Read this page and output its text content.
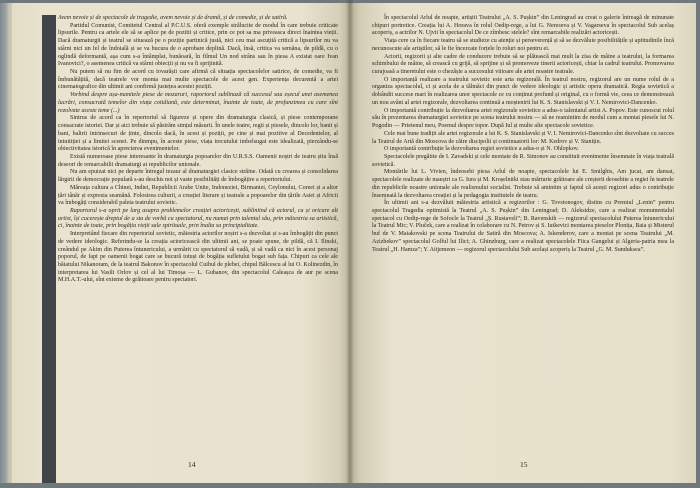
Avem nevoie și de spectacole de tragedie, avem nevoie și de dramă, și de comedie, și de satiră.

Partidul Comunist, Comitetul Central al P.C.U.S. oferă exemple strălucite de modul în care trebuie criticate lipsurile. Pentru ca artele ele să se aplice pe de pozitii și critice, prin ce pot sa ma priveasca direct înaintea vieții. Dacă dramaturgii și teatrul se situează pe o poziție partinică justă, nici ceu mai ascuțită critică a lipsurilor nu va stârni nici un fel de îndoială și se va bucura de o aprobare deplină. Dacă, însă, critica va semăna, de pildă, cu o oglindă deformantă, așa cum s-a întâmplat, bunăoară, în filmul Un nod strâns sau în piesa A existat oare Ivan Ivanovici?, o asemenea critică va stârni obiecții și nu va fi sprijinită.

Nu putem să nu fim de acord cu tovarășii care afirmă că situația spectacolelor satirice, de comedie, va fi îmbunătățită, dacă teatrele vor monta mai multe spectacole de acest gen. Experiența decurentă a artei cinematografice din ultimii ani confirmă justețea acestei poziții.

Vorbind despre așa-numitele piese de mozaruri, raportorul sublinază că succesul sau eșecul unei asemenea lucrări, consacrată temelor din viața cotidiană, este determinat, înainte de toate, de profunzimea cu care sînt rezolvate aceste teme (...)

Sintrus de acord ca în repertoriul să figureze și opere din dramaturgia clasică, și piese contemporane consacrate istoriei. Dar și aici trebuie să păstrăm simțul măsurii. În unele teatre, regii și piesele, dincolo lor, banii și bani, baltrii intrinsecuri de ținte, dincolo dacă, în acest și poziții, pe cine și mai pozitive al Decedentelor, al intuitiției și a limitei scenei. Pe dinmpu, în aceste piese, viața trecutului imbelsugat este idealizată, pierzându-se obiectivitatea istorică în aprecierea evenimentelor.

Există numeroase piese interesante în dramaturgia popoarelor din U.R.S.S. Oamenii noștri de teatru știu însă deseori de remarcabilii dramaturgi ai republicilor unionale.

Nu am epuizat nici pe departe întregul tezaur al dramaturgiei clasice străine. Odată cu crearea și consolidarea lărgirii de democrație populară s-au deschis noi și vaste posibilități de îmbogățire a repertoriului.

Măreața cultura a Chinei, Indiei, Republicii Arabe Unite, Indoneziei, Birmaniei, Ceylonului, Coreei și a altor țări tânăr și expresia seamănă. Folosirea culturii, a creației literare și teatrale a popoarelor din țările Asiei și Africii va îmbogăți considerabil paleta teatrului sovietic.

Raportorul s-a oprit pe larg asupra problemelor creației actoricești, subliniind că actorul, ca și oricare alt artist, își cucerește dreptul de a sta de vorbă cu spectatorul, nu numai prin talentul său, prin măiestria sa artistică, ci, înainte de toate, prin bogăția vieții sale spirituale, prin înalta sa principialitate.

Interpretând fiecare din repertoriul sovietic, măiestria actorilor noștri s-a dezvoltat și s-au îmbogățit din punct de vedere ideologic. Referindu-se la creația actoricească din ultimii ani, se poate spune, de pildă, că I. Ilinski, creândul pe Akim din Puterea întunericului, a urmărit cu spectatorul să vadă, și să vadă ca nici în acest personaj poporul, de fapt pe oamenii bogat care se bucură totuși de bogăția sufletului bogat sub fața. Chipuri ca cele ale băiatului Nikanoram, de la teatrul Bakonov în spectacolul Cuibul de plebei, chipul Bălcescu al lui O. Kolinezdin, în interpretarea lui Vasili Orlov și cel al lui Timoșa — L. Gubanov, din spectacolul Caleașca de aur pe scena M.H.A.T.-ului, sînt exteme de grăitoare pentru spectatori.

14

În spectacolul Arlul de noapte, artiștii Teatrului „A. S. Pușkin” din Leningrad au creat o galerie întreagă de minunate chipuri portretice. Creația lui A. Horava în rolul Oedip-rege, a lui G. Nereseva și V. Vagarseva în spectacolul Sub acelaș acoperiș, a actrilor N. Ujvii în spectacolul De ce zîmbesc stelele? sînt remarcabile realizări actoricești.

Viața cere ca în fiecare teatru să se studieze cu atenție și perseverență și să se dezvăluie posibilitățile și aptitudinile încă necunoscute ale artiștilor, să le fie încercate forțele în roluri noi pentru ei.

Actorii, regizorii și alte cadre de conducere trebuie să se plătească mai mult la zisa de mâine a teatrului, la formarea schimbului de mâine, să crească cu grijă, să sprijine și să promoveze tinerii actoricești, chiar la cadrul teatrului. Promovarea curajoasă a tineretului este o chezășie a succesului viitoare ale artei noastre teatrale.

O importanță realizare a teatrului sovietic este arta regizorală. În teatrul nostru, regizorul are un nume rolul de a organiza spectacolul, ci și acela de a tălmăci din punct de vedere ideologic și artistic opera dramatică. Regia sovietică a dobândit succese mari în realizarea unor spectacole ce cu conținut profund și original, cu o formă vie, ceea ce demonstrează un nou avânt al artei regizorale, dezvoltarea continuă a moștenirii lui K. S. Stanislavski și V. I. Nemirovici-Dancenko.

O importantă contribuție la dezvoltarea artei regizorale sovietice a adus-o talentatul artist A. Popov. Este cunoscut rolul său în prezentarea dramaturgiei sovietice pe scena teatrului nostru — să ne reamintim de modul cum a montat piesele lui N. Pogodin — Prietenul meu, Poemul despre topor. După Iul și multe alte spectacole sovietice.

Cele mai bune tradiții ale artei regizorale a lui K. S. Stanislavski și V. I. Nemirovici-Dancenko sînt dezvoltate cu succes la Teatrul de Artă din Moscova de către discipolii și continuatorii lor: M. Kedrov și V. Stanițin.

O importantă contribuție la dezvoltarea regiei sovietice a adus-o și N. Ohlopkov.

Spectacolele pregătite de I. Zavadski și cele montate de R. Simonov au constituit evenimente însemnate în viața teatrală sovietică.

Montările lui L. Vivien, îndeosebi piesa Arlul de noapte, spectacolele lui E. Smilghis, Am jucat, am dansat, spectacolele realizate de maeștri ca G. Iura și M. Kroșelnitki stau mărturie grăitoare ale creșterii deosebite a regiei în teatrele din republicile noastre unionale ale realismului socialist. Trebuie să amintim și faptul că acești regizori adus o contribuție însemnată la dezvoltarea creației și la pedagogia institutele de teatru.

În ultimii ani s-a dezvăluit măiestria artistică a regizorilor : G. Tovstonogov, distins cu Premiul „Lenin” pentru spectacolul Tragedia optimistă la Teatrul „A. S. Pușkin” din Leningrad; D. Aleksidze, care a realizat monumentalul spectacol cu Oedip-rege de Sofocle la Teatrul „Ș. Rustaveli”; B. Ravenskih — regizorul spectacolului Puterea întunericului la Teatrul Mic; V. Pluček, care a realizat în colaborare cu N. Petrov și S. Iutkevici montarea pieselor Plonița, Baia și Misterul buf de V. Maiakovski pe scena Teatrului de Satiră din Moscova; A. Iskenderov, care a montat pe scena Teatrului „M. Azizbekov” spectacolul Golful lui Ilici; A. Ghinzburg, care a realizat spectacolele Fiica Gangelui și Algeria-patria mea la Teatrul „H. Hamza”; Y. Aitjemeon — regizorul spectacolului Sub același acoperiș la Teatrul „G. M. Sunduksea”.

15
